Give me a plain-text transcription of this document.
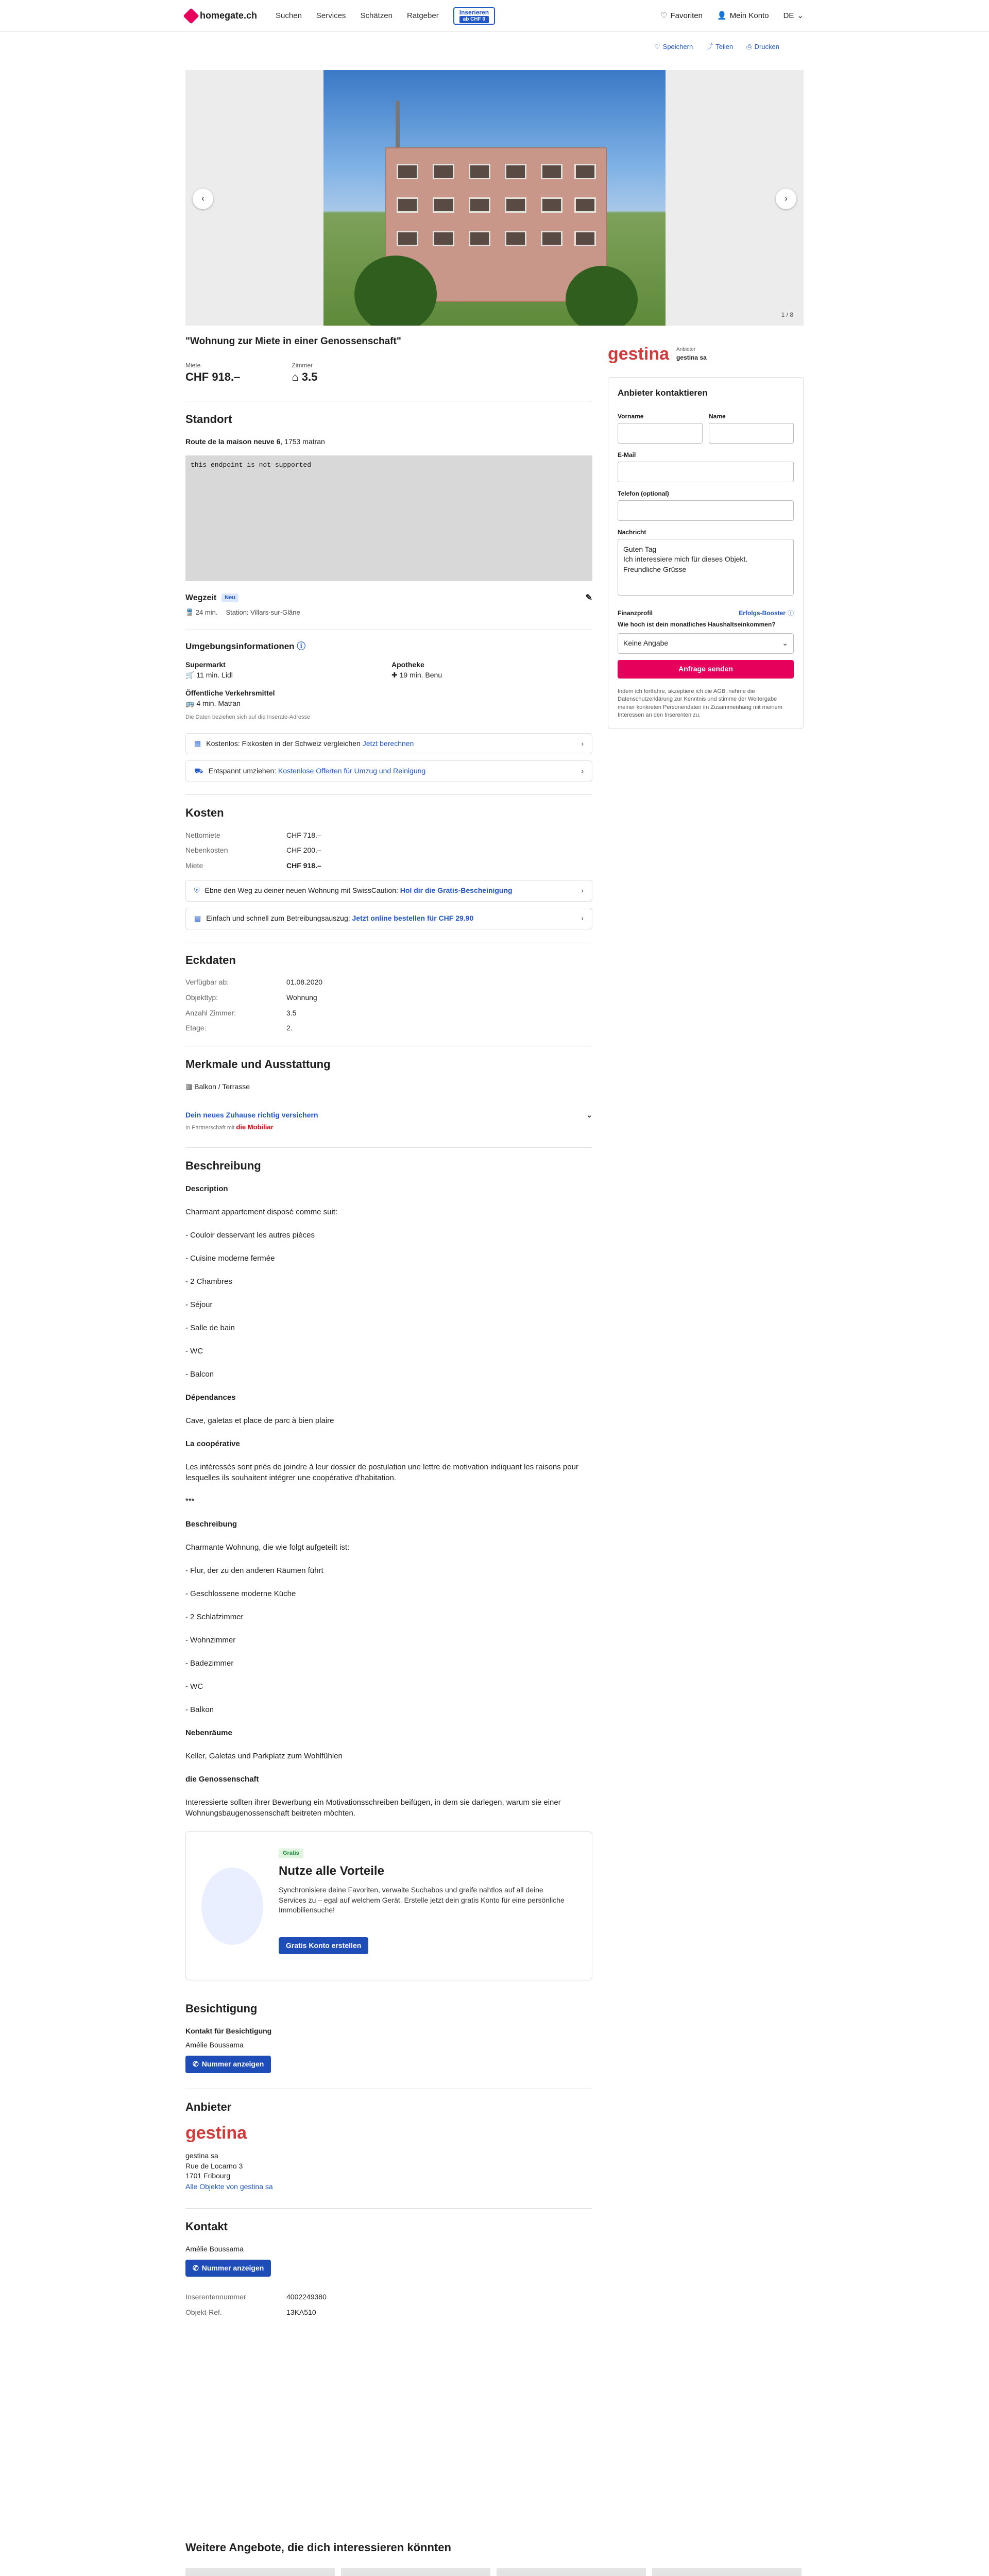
homegate.ch Suchen Services Schätzen Ratgeber	Inserieren
ab CHF 0	♡ Favoriten 👤 Mein Konto DE ⌄
♡ Speichern ⤴ Teilen ⎙ Drucken
‹	›
1 / 8
"Wohnung zur Miete in einer Genossenschaft"
Miete
CHF 918.–
Zimmer
⌂ 3.5
Standort
Route de la maison neuve 6, 1753 matran
this endpoint is not supported
Wegzeit	Neu	✎
🚆 24 min. Station: Villars-sur-Glâne
Umgebungsinformationen ⓘ
Supermarkt
🛒 11 min. Lidl
Apotheke
✚ 19 min. Benu
Öffentliche Verkehrsmittel
🚌 4 min. Matran
Die Daten beziehen sich auf die Inserate-Adresse
▦ Kostenlos: Fixkosten in der Schweiz vergleichen Jetzt berechnen	›
⛟ Entspannt umziehen: Kostenlose Offerten für Umzug und Reinigung	›
Kosten
Nettomiete	CHF 718.–
Nebenkosten	CHF 200.–
Miete	CHF 918.–
⛨ Ebne den Weg zu deiner neuen Wohnung mit SwissCaution: Hol dir die Gratis-Bescheinigung	›
▤ Einfach und schnell zum Betreibungsauszug: Jetzt online bestellen für CHF 29.90	›
Eckdaten
Verfügbar ab:	01.08.2020
Objekttyp:	Wohnung
Anzahl Zimmer:	3.5
Etage:	2.
Merkmale und Ausstattung
▥ Balkon / Terrasse
Dein neues Zuhause richtig versichern	⌄
In Partnerschaft mit die Mobiliar
Beschreibung

Description

Charmant appartement disposé comme suit:

- Couloir desservant les autres pièces

- Cuisine moderne fermée

- 2 Chambres

- Séjour

- Salle de bain

- WC

- Balcon

Dépendances

Cave, galetas et place de parc à bien plaire

La coopérative

Les intéressés sont priés de joindre à leur dossier de postulation une lettre de motivation indiquant les raisons pour lesquelles ils souhaitent intégrer une coopérative d'habitation.

***

Beschreibung

Charmante Wohnung, die wie folgt aufgeteilt ist:

- Flur, der zu den anderen Räumen führt

- Geschlossene moderne Küche

- 2 Schlafzimmer

- Wohnzimmer

- Badezimmer

- WC

- Balkon

Nebenräume

Keller, Galetas und Parkplatz zum Wohlfühlen

die Genossenschaft

Interessierte sollten ihrer Bewerbung ein Motivationsschreiben beifügen, in dem sie darlegen, warum sie einer Wohnungsbaugenossenschaft beitreten möchten.

Gratis
Nutze alle Vorteile

Synchronisiere deine Favoriten, verwalte Suchabos und greife nahtlos auf all deine Services zu – egal auf welchem Gerät. Erstelle jetzt dein gratis Konto für eine persönliche Immobiliensuche!

Gratis Konto erstellen
Besichtigung
Kontakt für Besichtigung
Amélie Boussama
✆ Nummer anzeigen
Anbieter
gestina
gestina sa
Rue de Locarno 3
1701 Fribourg
Alle Objekte von gestina sa
Kontakt
Amélie Boussama
✆ Nummer anzeigen
Inserentennummer	4002249380
Objekt-Ref.	13KA510
gestina Anbieter
gestina sa
Anbieter kontaktieren
Vorname	Name
E-Mail
Telefon (optional)
Nachricht
Guten Tag
Ich interessiere mich für dieses Objekt.
Freundliche Grüsse
Finanzprofil	Erfolgs-Booster ⓘ
Wie hoch ist dein monatliches Haushaltseinkommen?
Keine Angabe	⌄
Anfrage senden
Indem ich fortfahre, akzeptiere ich die AGB, nehme die Datenschutzerklärung zur Kenntnis und stimme der Weitergabe meiner konkreten Personendaten im Zusammenhang mit meinem Interessen an den Inserenten zu.
Weitere Angebote, die dich interessieren könnten
